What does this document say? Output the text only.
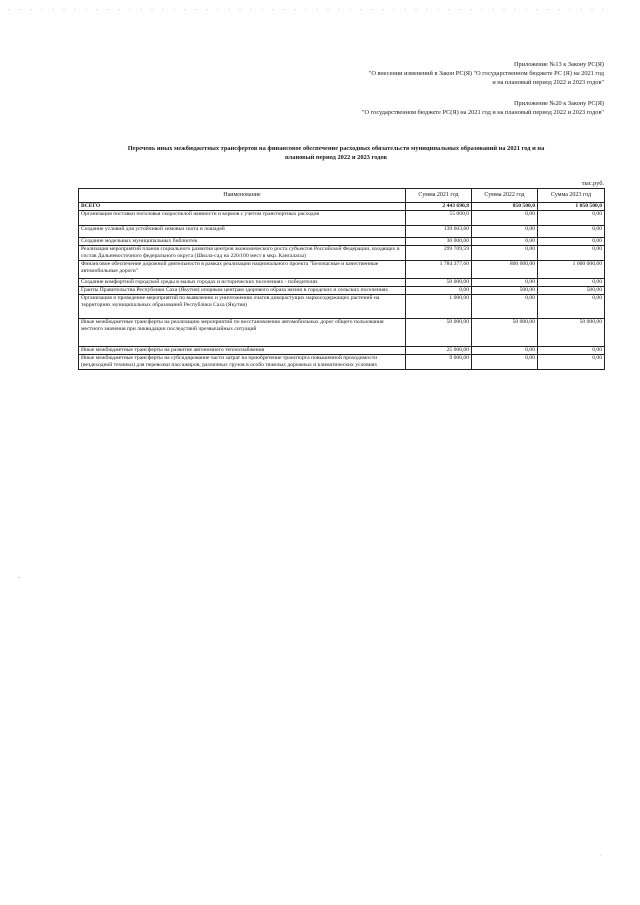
Приложение №13 к Закону РС(Я)
"О внесении изменений в Закон РС(Я) "О государственном бюджете РС (Я) на 2021 год
и на плановый период 2022 и 2023 годов"
Приложение №20 к Закону РС(Я)
"О государственном бюджете РС(Я) на 2021 год и на плановый период 2022 и 2023 годов"
Перечень иных межбюджетных трансфертов на финансовое обеспечение расходных обязательств муниципальных образований на 2021 год и на
плановый период 2022 и 2023 годов
тыс.руб.
Наименование	Сумма 2021 год	Сумма 2022 год	Сумма 2023 год
ВСЕГО	2 443 690,8	850 500,0	1 050 500,0
Организация поставки поголовья скороспелой живности и кормов с учетом транспортных расходов	55 000,0	0,00	0,00
Создание условий для устойчивой зимовки скота и лошадей	139 603,60	0,00	0,00
Создание модельных муниципальных библиотек	30 000,00	0,00	0,00
Реализация мероприятий планов социального развития центров экономического роста субъектов Российской Федерации, входящих в состав Дальневосточного федерального округа (Школа-сад на 220/100 мест в мкр. Кангаласы)	299 709,59	0,00	0,00
Финансовое обеспечение дорожной деятельности в рамках реализации национального проекта "Безопасные и качественные автомобильные дороги"	1 784 377,60	800 000,00	1 000 000,00
Создание комфортной городской среды в малых городах и исторических поселениях - победителях	50 000,00	0,00	0,00
Гранты Правительства Республики Саха (Якутия) опорным центрам здорового образа жизни в городских и сельских поселениях	0,00	500,00	500,00
Организация и проведение мероприятий по выявлению и уничтожению очагов дикорастущих наркосодержащих растений на территориях муниципальных образований Республики Саха (Якутия)	1 000,00	0,00	0,00
Иные межбюджетные трансферты на реализацию мероприятий по восстановлению автомобильных дорог общего пользования местного значения при ликвидации последствий чрезвычайных ситуаций	50 000,00	50 000,00	50 000,00
Иные межбюджетные трансферты на развитие автономного теплоснабжения	25 000,00	0,00	0,00
Иные межбюджетные трансферты на субсидирование части затрат на приобретение транспорта повышенной проходимости (вездеходной техники) для перевозки пассажиров, различных грузов в особо тяжелых дорожных и климатических условиях	9 000,00	0,00	0,00
-
·
